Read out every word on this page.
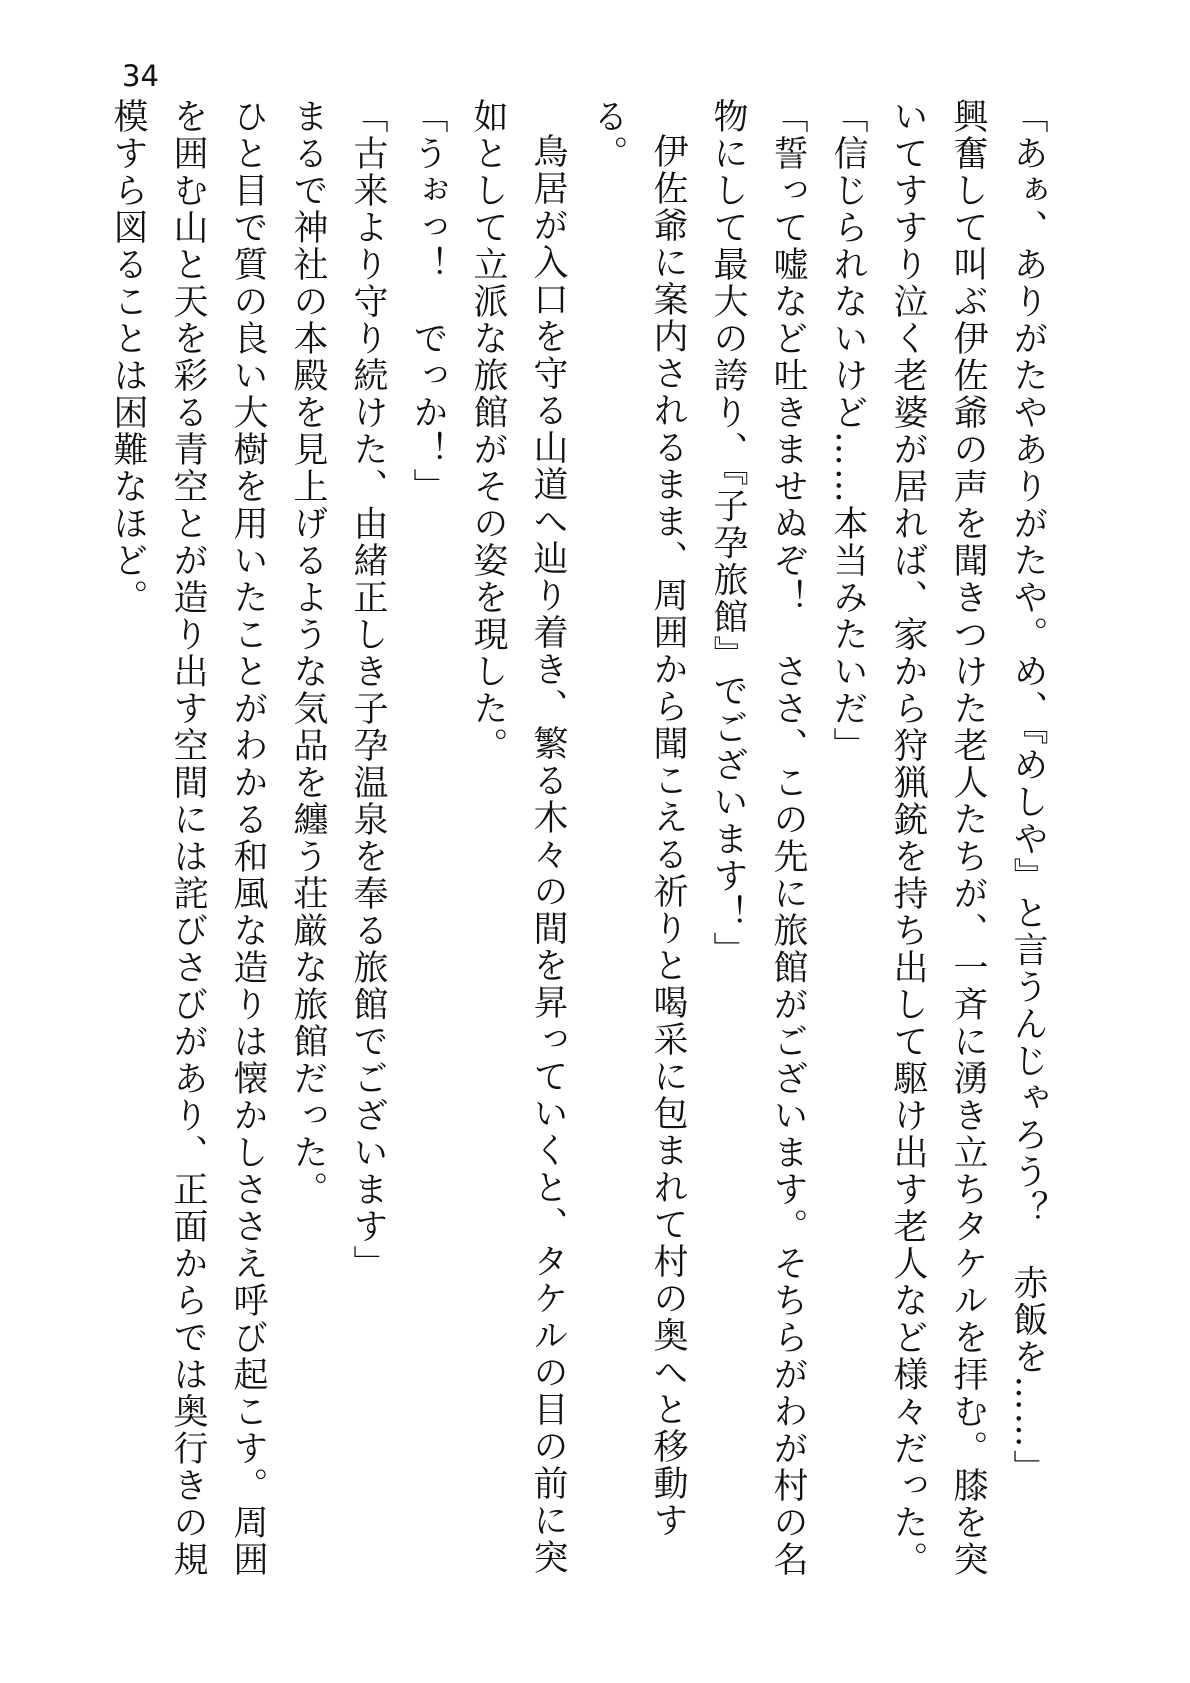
34
「あぁ、ありがたやありがたや。め、『めしや』と言うんじゃろう？　赤飯を……」
興奮して叫ぶ伊佐爺の声を聞きつけた老人たちが、一斉に湧き立ちタケルを拝む。膝を突
いてすすり泣く老婆が居れば、家から狩猟銃を持ち出して駆け出す老人など様々だった。
「信じられないけど……本当みたいだ」
「誓って嘘など吐きませぬぞ！　ささ、この先に旅館がございます。そちらがわが村の名
物にして最大の誇り、『子孕旅館』でございます！」
伊佐爺に案内されるまま、周囲から聞こえる祈りと喝采に包まれて村の奥へと移動す
る。
鳥居が入口を守る山道へ辿り着き、繁る木々の間を昇っていくと、タケルの目の前に突
如として立派な旅館がその姿を現した。
「うぉっ！　でっか！」
「古来より守り続けた、由緒正しき子孕温泉を奉る旅館でございます」
まるで神社の本殿を見上げるような気品を纏う荘厳な旅館だった。
ひと目で質の良い大樹を用いたことがわかる和風な造りは懐かしささえ呼び起こす。周囲
を囲む山と天を彩る青空とが造り出す空間には詫びさびがあり、正面からでは奥行きの規
模すら図ることは困難なほど。
